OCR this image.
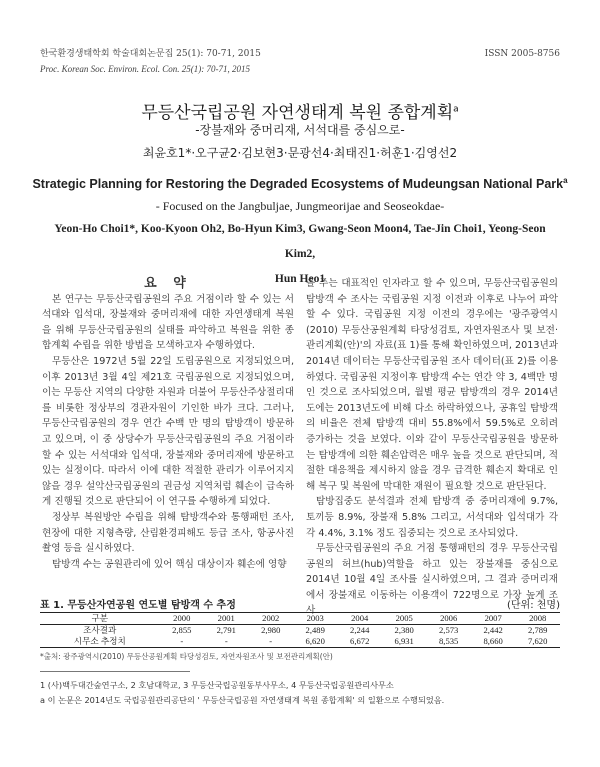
한국환경생태학회 학술대회논문집 25(1): 70-71, 2015
Proc. Korean Soc. Environ. Ecol. Con. 25(1): 70-71, 2015
ISSN 2005-8756
무등산국립공원 자연생태계 복원 종합계획$^a$
-장불재와 중머리재, 서석대를 중심으로-
최윤호1*·오구균2·김보현3·문광선4·최태진1·허훈1·김영선2
Strategic Planning for Restoring the Degraded Ecosystems of Mudeungsan National Park$^a$
- Focused on the Jangbuljae, Jungmeorijae and Seoseokdae-
Yeon-Ho Choi1*, Koo-Kyoon Oh2, Bo-Hyun Kim3, Gwang-Seon Moon4, Tae-Jin Choi1, Yeong-Seon Kim2,
Hun Heo1

요 약

본 연구는 무등산국립공원의 주요 거점이라 할 수 있는 서석대와 입석대, 장불재와 중머리재에 대한 자연생태계 복원을 위해 무등산국립공원의 실태를 파악하고 복원을 위한 종합계획 수립을 위한 방법을 모색하고자 수행하였다.

무등산은 1972년 5월 22일 도립공원으로 지정되었으며, 이후 2013년 3월 4일 제21호 국립공원으로 지정되었으며, 이는 무등산 지역의 다양한 자원과 더불어 무등산주상절리대를 비롯한 정상부의 경관자원이 기인한 바가 크다. 그러나, 무등산국립공원의 경우 연간 수백 만 명의 탐방객이 방문하고 있으며, 이 중 상당수가 무등산국립공원의 주요 거점이라 할 수 있는 서석대와 입석대, 장불재와 중머리재에 방문하고 있는 실정이다. 따라서 이에 대한 적절한 관리가 이루어지지 않을 경우 설악산국립공원의 권금성 지역처럼 훼손이 급속하게 진행될 것으로 판단되어 이 연구를 수행하게 되었다.

정상부 복원방안 수립을 위해 탐방객수와 통행패턴 조사, 현장에 대한 지형측량, 산림환경피해도 등급 조사, 항공사진 촬영 등을 실시하였다.

탐방객 수는 공원관리에 있어 핵심 대상이자 훼손에 영향

을 주는 대표적인 인자라고 할 수 있으며, 무등산국립공원의 탐방객 수 조사는 국립공원 지정 이전과 이후로 나누어 파악할 수 있다. 국립공원 지정 이전의 경우에는 '광주광역시(2010) 무등산공원계획 타당성검토, 자연자원조사 및 보전·관리계획(안)'의 자료(표 1)를 통해 확인하였으며, 2013년과 2014년 데이터는 무등산국립공원 조사 데이터(표 2)를 이용하였다. 국립공원 지정이후 탐방객 수는 연간 약 3, 4백만 명인 것으로 조사되었으며, 월별 평균 탐방객의 경우 2014년도에는 2013년도에 비해 다소 하락하였으나, 공휴일 탐방객의 비율은 전체 탐방객 대비 55.8%에서 59.5%로 오히려 증가하는 것을 보였다. 이와 같이 무등산국립공원을 방문하는 탐방객에 의한 훼손압력은 매우 높을 것으로 판단되며, 적절한 대응책을 제시하지 않을 경우 급격한 훼손지 확대로 인해 복구 및 복원에 막대한 재원이 필요할 것으로 판단된다.

탐방집중도 분석결과 전체 탐방객 중 중머리재에 9.7%, 토끼등 8.9%, 장불재 5.8% 그리고, 서석대와 입석대가 각각 4.4%, 3.1% 정도 집중되는 것으로 조사되었다.

무등산국립공원의 주요 거점 통행패턴의 경우 무등산국립공원의 허브(hub)역할을 하고 있는 장불재를 중심으로 2014년 10월 4일 조사를 실시하였으며, 그 결과 증머리재에서 장불재로 이동하는 이용객이 722명으로 가장 높게 조사

표 1. 무등산자연공원 연도별 탐방객 수 추정	(단위: 천명)
구분	2000	2001	2002	2003	2004	2005	2006	2007	2008
조사결과	2,855	2,791	2,980	2,489	2,244	2,380	2,573	2,442	2,789
시무소 추정치	-	-	-	6,620	6,672	6,931	8,535	8,660	7,620
*출처: 광주광역시(2010) 무등산공원계획 타당성검토, 자연자원조사 및 보전관리계획(안)
1 (사)백두대간숲연구소, 2 호남대학교, 3 무등산국립공원동부사무소, 4 무등산국립공원관리사무소
a 이 논문은 2014년도 국립공원관리공단의 ' 무등산국립공원 자연생태계 복원 종합계획' 의 일환으로 수행되었음.
